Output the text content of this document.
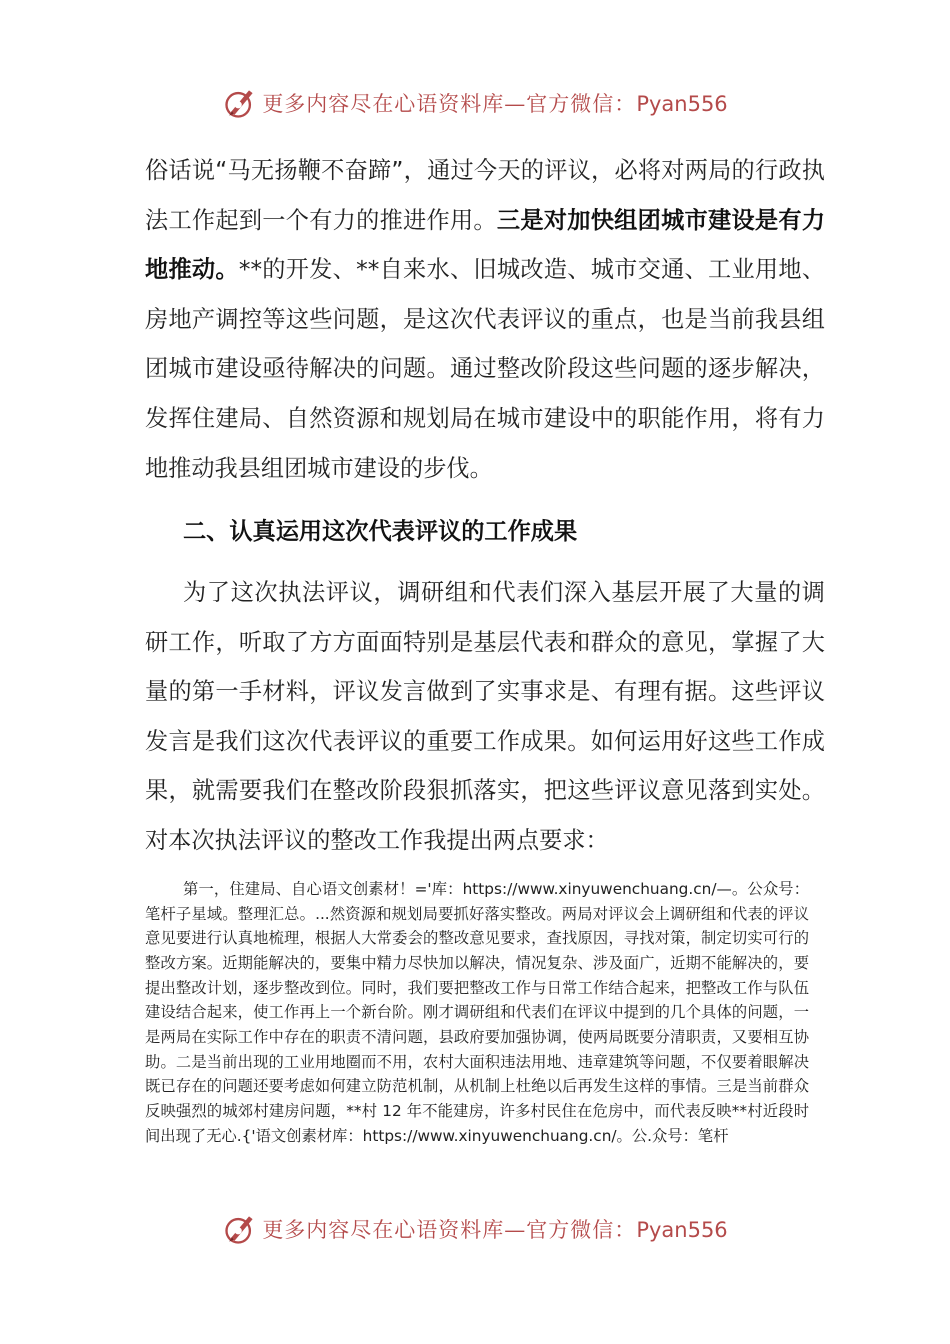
更多内容尽在心语资料库—官方微信：Pyan556

俗话说“马无扬鞭不奋蹄”，通过今天的评议，必将对两局的行政执法工作起到一个有力的推进作用。三是对加快组团城市建设是有力地推动。**的开发、**自来水、旧城改造、城市交通、工业用地、房地产调控等这些问题，是这次代表评议的重点，也是当前我县组团城市建设亟待解决的问题。通过整改阶段这些问题的逐步解决，发挥住建局、自然资源和规划局在城市建设中的职能作用，将有力地推动我县组团城市建设的步伐。

二、认真运用这次代表评议的工作成果

为了这次执法评议，调研组和代表们深入基层开展了大量的调研工作，听取了方方面面特别是基层代表和群众的意见，掌握了大量的第一手材料，评议发言做到了实事求是、有理有据。这些评议发言是我们这次代表评议的重要工作成果。如何运用好这些工作成果，就需要我们在整改阶段狠抓落实，把这些评议意见落到实处。对本次执法评议的整改工作我提出两点要求：

第一，住建局、自心语文创素材！='库：https://www.xinyuwenchuang.cn/—。公众号：笔杆子星域。整理汇总。...然资源和规划局要抓好落实整改。两局对评议会上调研组和代表的评议意见要进行认真地梳理，根据人大常委会的整改意见要求，查找原因，寻找对策，制定切实可行的整改方案。近期能解决的，要集中精力尽快加以解决，情况复杂、涉及面广，近期不能解决的，要提出整改计划，逐步整改到位。同时，我们要把整改工作与日常工作结合起来，把整改工作与队伍建设结合起来，使工作再上一个新台阶。刚才调研组和代表们在评议中提到的几个具体的问题，一是两局在实际工作中存在的职责不清问题，县政府要加强协调，使两局既要分清职责，又要相互协助。二是当前出现的工业用地圈而不用，农村大面积违法用地、违章建筑等问题，不仅要着眼解决既已存在的问题还要考虑如何建立防范机制，从机制上杜绝以后再发生这样的事情。三是当前群众反映强烈的城郊村建房问题，**村 12 年不能建房，许多村民住在危房中，而代表反映**村近段时间出现了无心.{'语文创素材库：https://www.xinyuwenchuang.cn/。公.众号：笔杆

更多内容尽在心语资料库—官方微信：Pyan556
